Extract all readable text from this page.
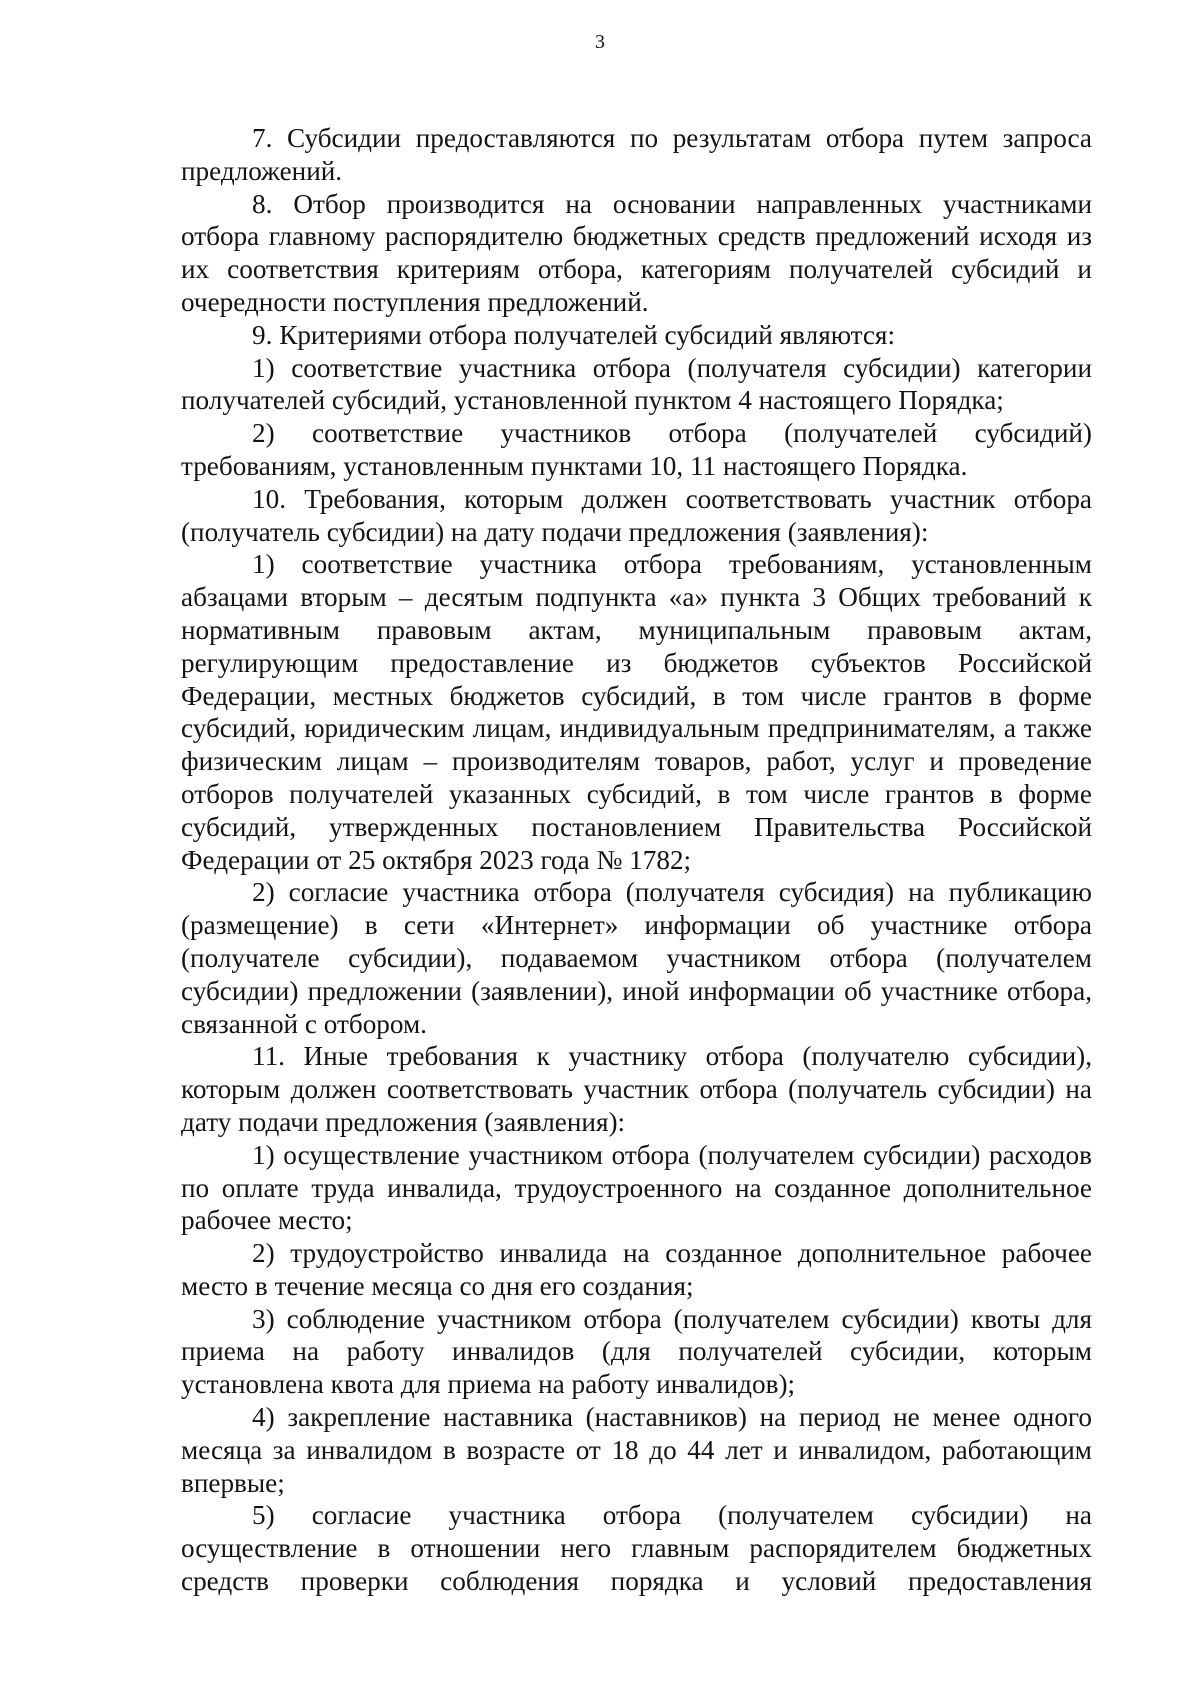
3

7. Субсидии предоставляются по результатам отбора путем запроса предложений.

8. Отбор производится на основании направленных участниками отбора главному распорядителю бюджетных средств предложений исходя из их соответствия критериям отбора, категориям получателей субсидий и очередности поступления предложений.

9. Критериями отбора получателей субсидий являются:

1) соответствие участника отбора (получателя субсидии) категории получателей субсидий, установленной пунктом 4 настоящего Порядка;

2) соответствие участников отбора (получателей субсидий) требованиям, установленным пунктами 10, 11 настоящего Порядка.

10. Требования, которым должен соответствовать участник отбора (получатель субсидии) на дату подачи предложения (заявления):

1) соответствие участника отбора требованиям, установленным абзацами вторым – десятым подпункта «а» пункта 3 Общих требований к нормативным правовым актам, муниципальным правовым актам, регулирующим предоставление из бюджетов субъектов Российской Федерации, местных бюджетов субсидий, в том числе грантов в форме субсидий, юридическим лицам, индивидуальным предпринимателям, а также физическим лицам – производителям товаров, работ, услуг и проведение отборов получателей указанных субсидий, в том числе грантов в форме субсидий, утвержденных постановлением Правительства Российской Федерации от 25 октября 2023 года № 1782;

2) согласие участника отбора (получателя субсидия) на публикацию (размещение) в сети «Интернет» информации об участнике отбора (получателе субсидии), подаваемом участником отбора (получателем субсидии) предложении (заявлении), иной информации об участнике отбора, связанной с отбором.

11. Иные требования к участнику отбора (получателю субсидии), которым должен соответствовать участник отбора (получатель субсидии) на дату подачи предложения (заявления):

1) осуществление участником отбора (получателем субсидии) расходов по оплате труда инвалида, трудоустроенного на созданное дополнительное рабочее место;

2) трудоустройство инвалида на созданное дополнительное рабочее место в течение месяца со дня его создания;

3) соблюдение участником отбора (получателем субсидии) квоты для приема на работу инвалидов (для получателей субсидии, которым установлена квота для приема на работу инвалидов);

4) закрепление наставника (наставников) на период не менее одного месяца за инвалидом в возрасте от 18 до 44 лет и инвалидом, работающим впервые;

5) согласие участника отбора (получателем субсидии) на осуществление в отношении него главным распорядителем бюджетных средств проверки соблюдения порядка и условий предоставления
